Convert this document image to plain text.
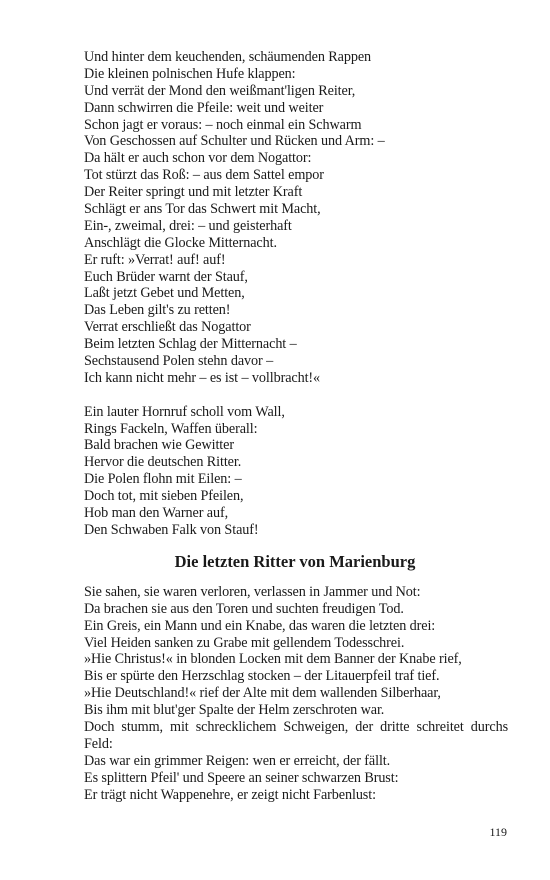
Und hinter dem keuchenden, schäumenden Rappen
Die kleinen polnischen Hufe klappen:
Und verrät der Mond den weißmant'ligen Reiter,
Dann schwirren die Pfeile: weit und weiter
Schon jagt er voraus: – noch einmal ein Schwarm
Von Geschossen auf Schulter und Rücken und Arm: –
Da hält er auch schon vor dem Nogattor:
Tot stürzt das Roß: – aus dem Sattel empor
Der Reiter springt und mit letzter Kraft
Schlägt er ans Tor das Schwert mit Macht,
Ein-, zweimal, drei: – und geisterhaft
Anschlägt die Glocke Mitternacht.
Er ruft: »Verrat! auf! auf!
Euch Brüder warnt der Stauf,
Laßt jetzt Gebet und Metten,
Das Leben gilt's zu retten!
Verrat erschließt das Nogattor
Beim letzten Schlag der Mitternacht –
Sechstausend Polen stehn davor –
Ich kann nicht mehr – es ist – vollbracht!«
Ein lauter Hornruf scholl vom Wall,
Rings Fackeln, Waffen überall:
Bald brachen wie Gewitter
Hervor die deutschen Ritter.
Die Polen flohn mit Eilen: –
Doch tot, mit sieben Pfeilen,
Hob man den Warner auf,
Den Schwaben Falk von Stauf!
Die letzten Ritter von Marienburg
Sie sahen, sie waren verloren, verlassen in Jammer und Not:
Da brachen sie aus den Toren und suchten freudigen Tod.
Ein Greis, ein Mann und ein Knabe, das waren die letzten drei:
Viel Heiden sanken zu Grabe mit gellendem Todesschrei.
»Hie Christus!« in blonden Locken mit dem Banner der Knabe rief,
Bis er spürte den Herzschlag stocken – der Litauerpfeil traf tief.
»Hie Deutschland!« rief der Alte mit dem wallenden Silberhaar,
Bis ihm mit blut'ger Spalte der Helm zerschroten war.
Doch stumm, mit schrecklichem Schweigen, der dritte schreitet durchs
Feld:
Das war ein grimmer Reigen: wen er erreicht, der fällt.
Es splittern Pfeil' und Speere an seiner schwarzen Brust:
Er trägt nicht Wappenehre, er zeigt nicht Farbenlust:
119
